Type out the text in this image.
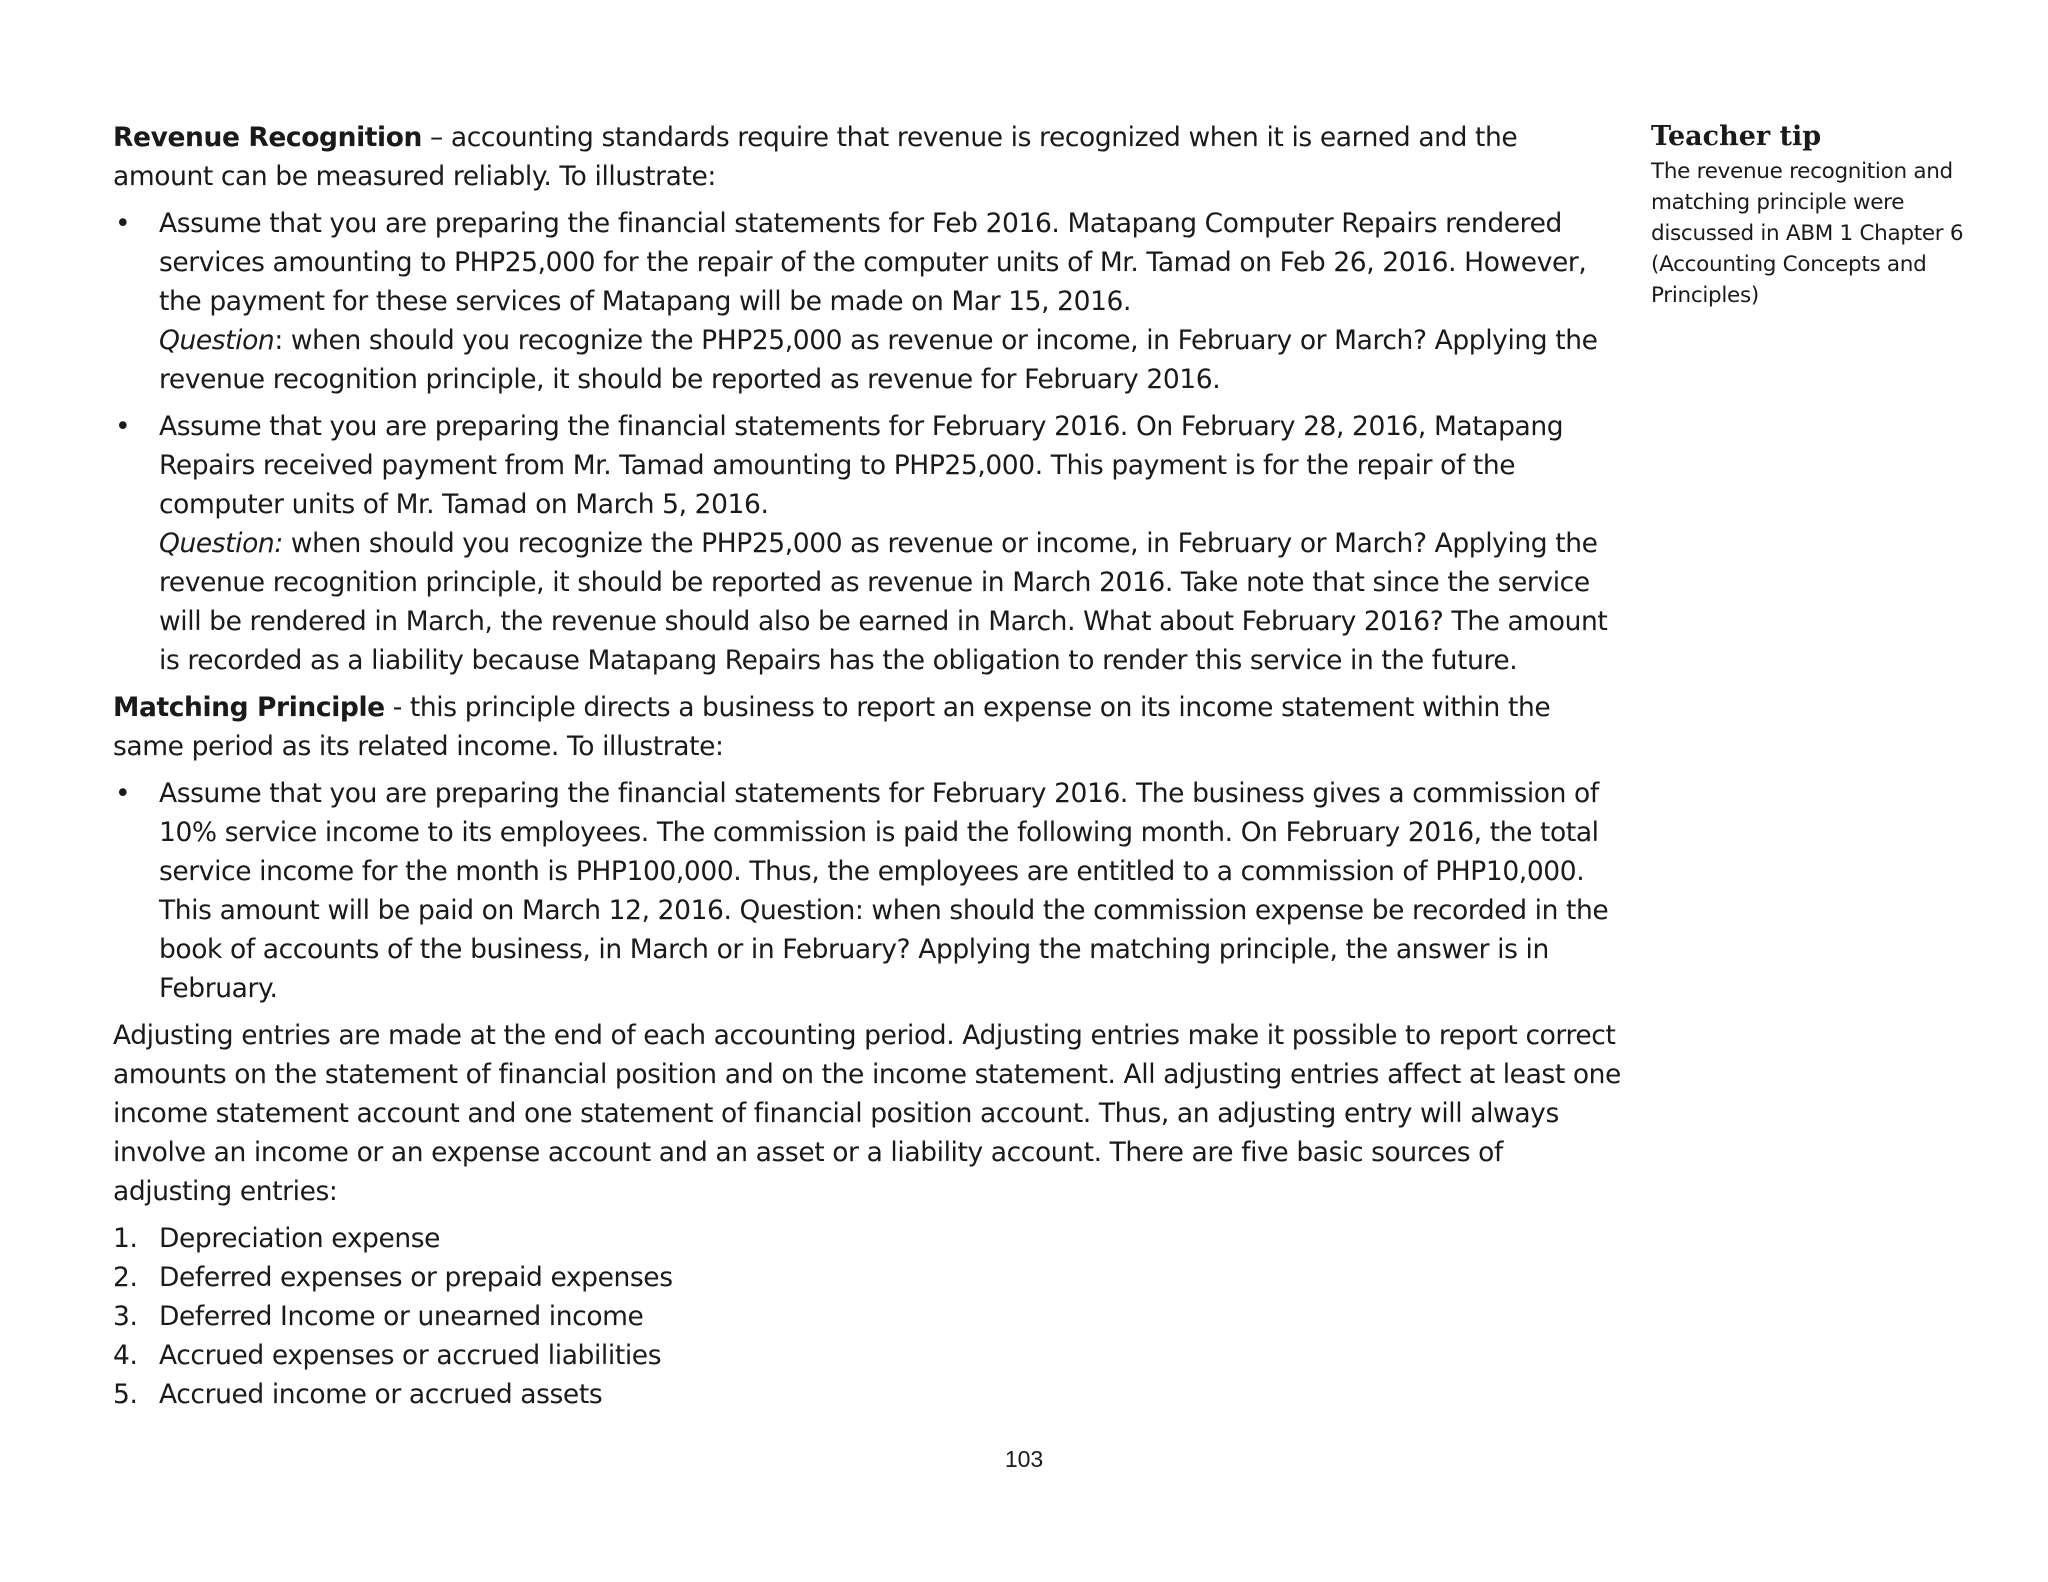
Revenue Recognition – accounting standards require that revenue is recognized when it is earned and the amount can be measured reliably. To illustrate:

• Assume that you are preparing the financial statements for Feb 2016. Matapang Computer Repairs rendered services amounting to PHP25,000 for the repair of the computer units of Mr. Tamad on Feb 26, 2016. However, the payment for these services of Matapang will be made on Mar 15, 2016.
Question: when should you recognize the PHP25,000 as revenue or income, in February or March? Applying the revenue recognition principle, it should be reported as revenue for February 2016.
• Assume that you are preparing the financial statements for February 2016. On February 28, 2016, Matapang Repairs received payment from Mr. Tamad amounting to PHP25,000. This payment is for the repair of the computer units of Mr. Tamad on March 5, 2016.
Question: when should you recognize the PHP25,000 as revenue or income, in February or March? Applying the revenue recognition principle, it should be reported as revenue in March 2016. Take note that since the service will be rendered in March, the revenue should also be earned in March. What about February 2016? The amount is recorded as a liability because Matapang Repairs has the obligation to render this service in the future.

Matching Principle - this principle directs a business to report an expense on its income statement within the same period as its related income. To illustrate:

• Assume that you are preparing the financial statements for February 2016. The business gives a commission of 10% service income to its employees. The commission is paid the following month. On February 2016, the total service income for the month is PHP100,000. Thus, the employees are entitled to a commission of PHP10,000. This amount will be paid on March 12, 2016. Question: when should the commission expense be recorded in the book of accounts of the business, in March or in February? Applying the matching principle, the answer is in February.

Adjusting entries are made at the end of each accounting period. Adjusting entries make it possible to report correct amounts on the statement of financial position and on the income statement. All adjusting entries affect at least one income statement account and one statement of financial position account. Thus, an adjusting entry will always involve an income or an expense account and an asset or a liability account. There are five basic sources of adjusting entries:

1. Depreciation expense
2. Deferred expenses or prepaid expenses
3. Deferred Income or unearned income
4. Accrued expenses or accrued liabilities
5. Accrued income or accrued assets
Teacher tip

The revenue recognition and matching principle were discussed in ABM 1 Chapter 6 (Accounting Concepts and Principles)

103
